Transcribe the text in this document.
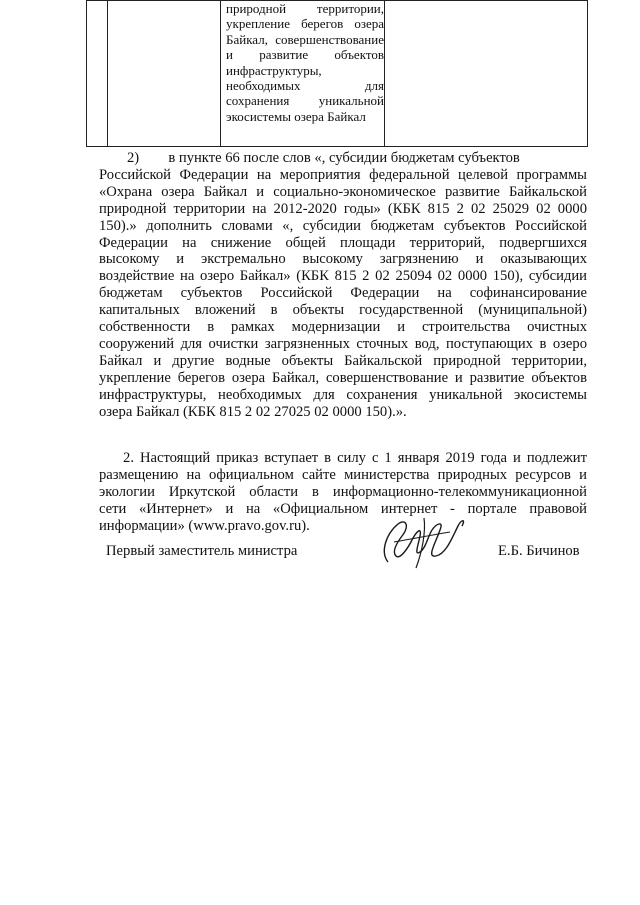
природной территории,
укрепление берегов озера
Байкал, совершенствование
и развитие объектов
инфраструктуры,
необходимых для
сохранения уникальной
экосистемы озера Байкал

2)        в пункте 66 после слов «, субсидии бюджетам субъектов
Российской Федерации на мероприятия федеральной целевой программы
«Охрана озера Байкал и социально-экономическое развитие Байкальской
природной территории на 2012-2020 годы» (КБК 815 2 02 25029 02 0000
150).» дополнить словами «, субсидии бюджетам субъектов Российской
Федерации на снижение общей площади территорий, подвергшихся
высокому и экстремально высокому загрязнению и оказывающих
воздействие на озеро Байкал» (КБК 815 2 02 25094 02 0000 150), субсидии
бюджетам субъектов Российской Федерации на софинансирование
капитальных вложений в объекты государственной (муниципальной)
собственности в рамках модернизации и строительства очистных
сооружений для очистки загрязненных сточных вод, поступающих в озеро
Байкал и другие водные объекты Байкальской природной территории,
укрепление берегов озера Байкал, совершенствование и развитие объектов
инфраструктуры, необходимых для сохранения уникальной экосистемы
озера Байкал (КБК 815 2 02 27025 02 0000 150).».
2. Настоящий приказ вступает в силу с 1 января 2019 года и подлежит
размещению на официальном сайте министерства природных ресурсов и
экологии Иркутской области в информационно-телекоммуникационной
сети «Интернет» и на «Официальном интернет - портале правовой
информации» (www.pravo.gov.ru).
Первый заместитель министра	Е.Б. Бичинов
